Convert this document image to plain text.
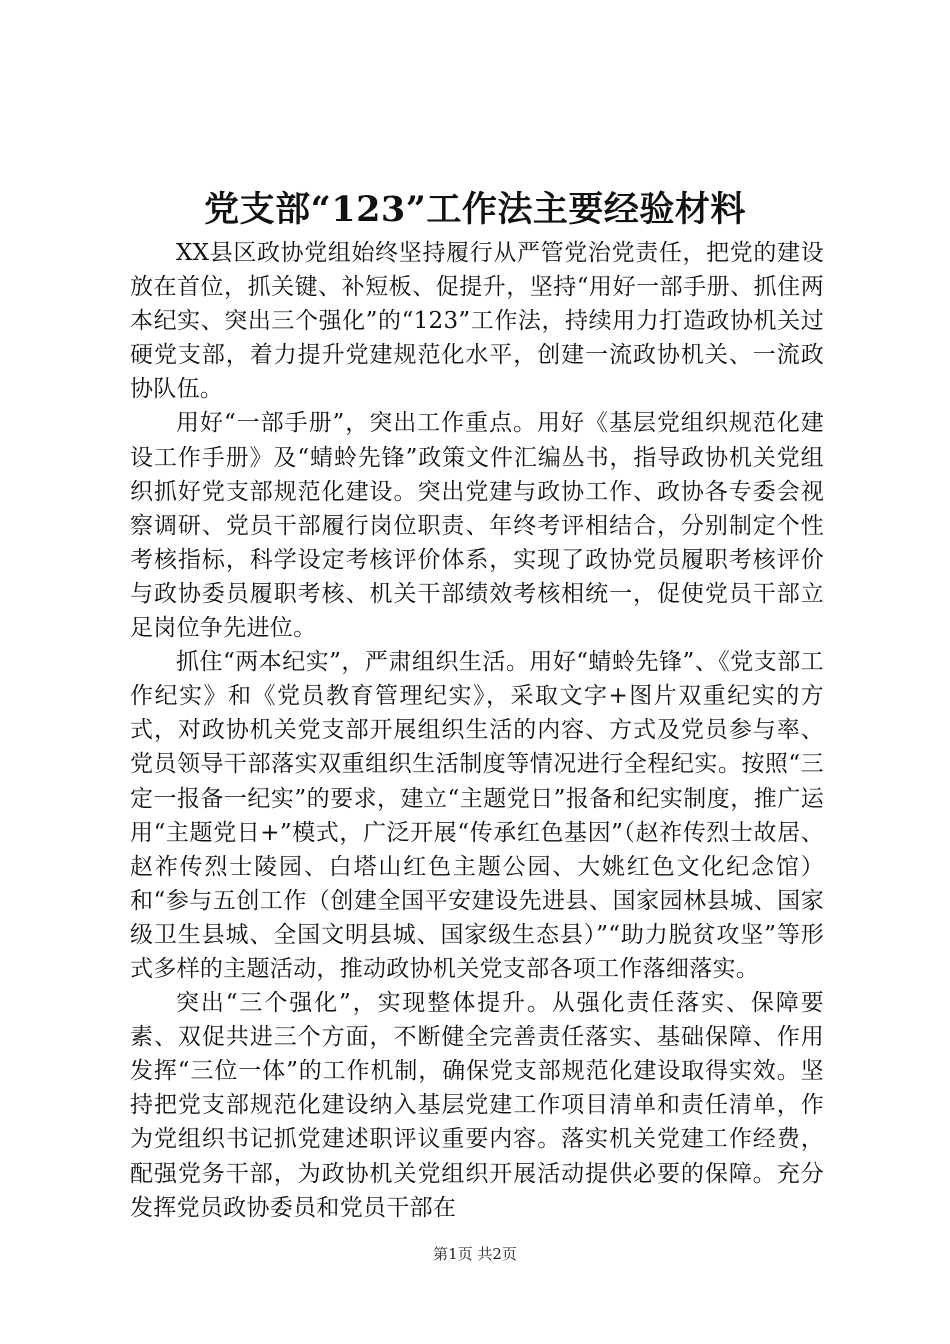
党支部“123”工作法主要经验材料

XX县区政协党组始终坚持履行从严管党治党责任，把党的建设放在首位，抓关键、补短板、促提升，坚持“用好一部手册、抓住两本纪实、突出三个强化”的“123”工作法，持续用力打造政协机关过硬党支部，着力提升党建规范化水平，创建一流政协机关、一流政协队伍。

用好“一部手册”，突出工作重点。用好《基层党组织规范化建设工作手册》及“蜻蛉先锋”政策文件汇编丛书，指导政协机关党组织抓好党支部规范化建设。突出党建与政协工作、政协各专委会视察调研、党员干部履行岗位职责、年终考评相结合，分别制定个性考核指标，科学设定考核评价体系，实现了政协党员履职考核评价与政协委员履职考核、机关干部绩效考核相统一，促使党员干部立足岗位争先进位。

抓住“两本纪实”，严肃组织生活。用好“蜻蛉先锋”、《党支部工作纪实》和《党员教育管理纪实》，采取文字+图片双重纪实的方式，对政协机关党支部开展组织生活的内容、方式及党员参与率、党员领导干部落实双重组织生活制度等情况进行全程纪实。按照“三定一报备一纪实”的要求，建立“主题党日”报备和纪实制度，推广运用“主题党日+”模式，广泛开展“传承红色基因”（赵祚传烈士故居、赵祚传烈士陵园、白塔山红色主题公园、大姚红色文化纪念馆）和“参与五创工作（创建全国平安建设先进县、国家园林县城、国家级卫生县城、全国文明县城、国家级生态县）”“助力脱贫攻坚”等形式多样的主题活动，推动政协机关党支部各项工作落细落实。

突出“三个强化”，实现整体提升。从强化责任落实、保障要素、双促共进三个方面，不断健全完善责任落实、基础保障、作用发挥“三位一体”的工作机制，确保党支部规范化建设取得实效。坚持把党支部规范化建设纳入基层党建工作项目清单和责任清单，作为党组织书记抓党建述职评议重要内容。落实机关党建工作经费，配强党务干部，为政协机关党组织开展活动提供必要的保障。充分发挥党员政协委员和党员干部在

第1页 共2页
